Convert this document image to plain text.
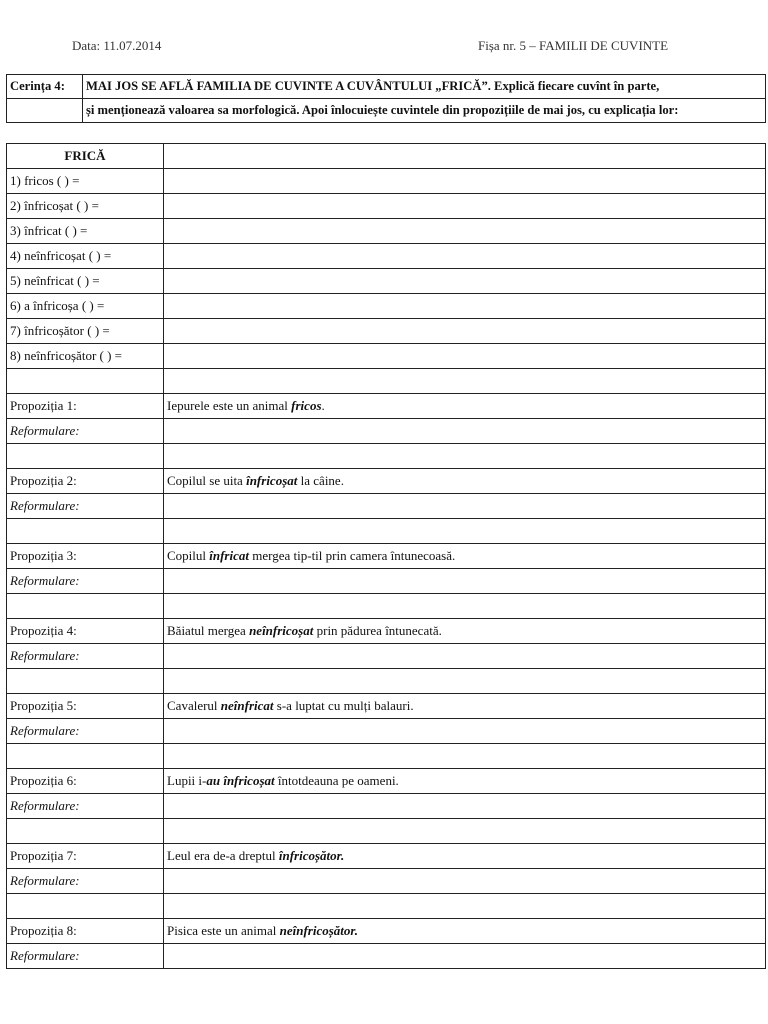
Data: 11.07.2014	Fișa nr. 5 – FAMILII DE CUVINTE
Cerința 4:	MAI JOS SE AFLĂ FAMILIA DE CUVINTE A CUVÂNTULUI „FRICĂ”. Explică fiecare cuvînt în parte,
	și menționează valoarea sa morfologică. Apoi înlocuiește cuvintele din propozițiile de mai jos, cu explicația lor:
FRICĂ	
1) fricos ( ) =	
2) înfricoșat ( ) =	
3) înfricat ( ) =	
4) neînfricoșat ( ) =	
5) neînfricat ( ) =	
6) a înfricoșa ( ) =	
7) înfricoșător ( ) =	
8) neînfricoșător ( ) =	

Propoziția 1:	Iepurele este un animal fricos.
Reformulare:	

Propoziția 2:	Copilul se uita înfricoșat la câine.
Reformulare:	

Propoziția 3:	Copilul înfricat mergea tip-til prin camera întunecoasă.
Reformulare:	

Propoziția 4:	Băiatul mergea neînfricoșat prin pădurea întunecată.
Reformulare:	

Propoziția 5:	Cavalerul neînfricat s-a luptat cu mulți balauri.
Reformulare:	

Propoziția 6:	Lupii i-au înfricoșat întotdeauna pe oameni.
Reformulare:	

Propoziția 7:	Leul era de-a dreptul înfricoșător.
Reformulare:	

Propoziția 8:	Pisica este un animal neînfricoșător.
Reformulare:	
